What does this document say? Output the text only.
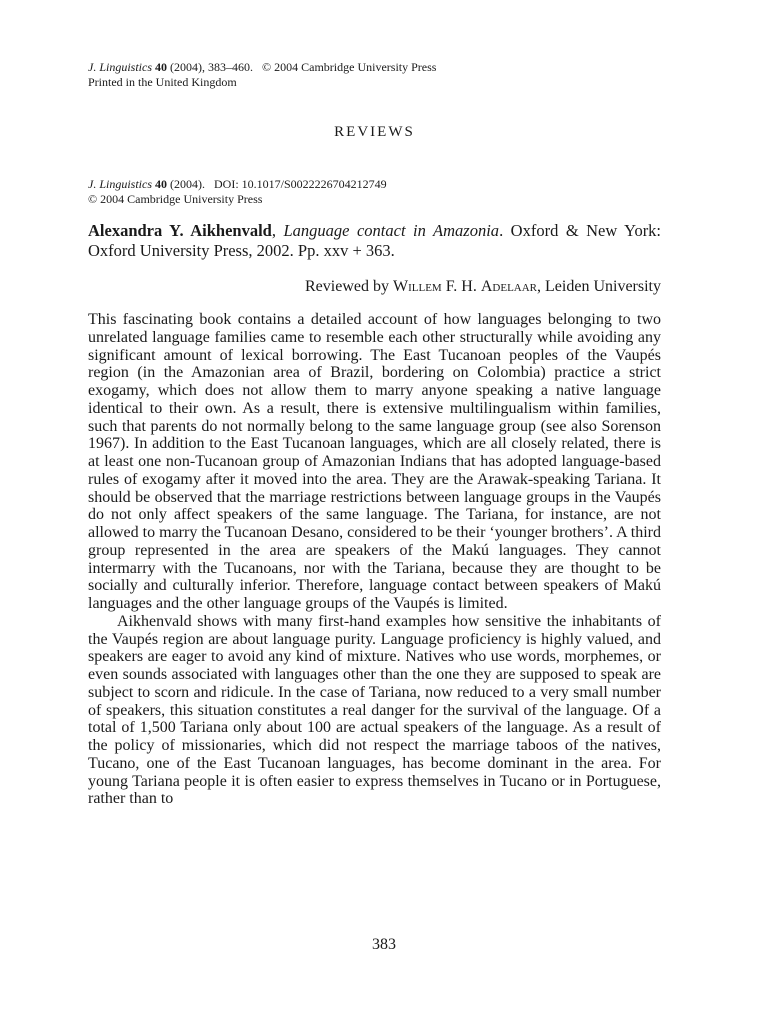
J. Linguistics 40 (2004), 383–460. © 2004 Cambridge University Press
Printed in the United Kingdom
REVIEWS
J. Linguistics 40 (2004). DOI: 10.1017/S0022226704212749
© 2004 Cambridge University Press
Alexandra Y. Aikhenvald, Language contact in Amazonia. Oxford & New York: Oxford University Press, 2002. Pp. xxv + 363.
Reviewed by Willem F. H. Adelaar, Leiden University

This fascinating book contains a detailed account of how languages belonging to two unrelated language families came to resemble each other structurally while avoiding any significant amount of lexical borrowing. The East Tucanoan peoples of the Vaupés region (in the Amazonian area of Brazil, bordering on Colombia) practice a strict exogamy, which does not allow them to marry anyone speaking a native language identical to their own. As a result, there is extensive multilingualism within families, such that parents do not normally belong to the same language group (see also Sorenson 1967). In addition to the East Tucanoan languages, which are all closely related, there is at least one non-Tucanoan group of Amazonian Indians that has adopted language-based rules of exogamy after it moved into the area. They are the Arawak-speaking Tariana. It should be observed that the marriage restrictions between language groups in the Vaupés do not only affect speakers of the same language. The Tariana, for instance, are not allowed to marry the Tucanoan Desano, considered to be their ‘younger brothers’. A third group represented in the area are speakers of the Makú languages. They cannot intermarry with the Tucanoans, nor with the Tariana, because they are thought to be socially and culturally inferior. Therefore, language contact between speakers of Makú languages and the other language groups of the Vaupés is limited.

Aikhenvald shows with many first-hand examples how sensitive the inhabitants of the Vaupés region are about language purity. Language proficiency is highly valued, and speakers are eager to avoid any kind of mixture. Natives who use words, morphemes, or even sounds associated with languages other than the one they are supposed to speak are subject to scorn and ridicule. In the case of Tariana, now reduced to a very small number of speakers, this situation constitutes a real danger for the survival of the language. Of a total of 1,500 Tariana only about 100 are actual speakers of the language. As a result of the policy of missionaries, which did not respect the marriage taboos of the natives, Tucano, one of the East Tucanoan languages, has become dominant in the area. For young Tariana people it is often easier to express themselves in Tucano or in Portuguese, rather than to

383
